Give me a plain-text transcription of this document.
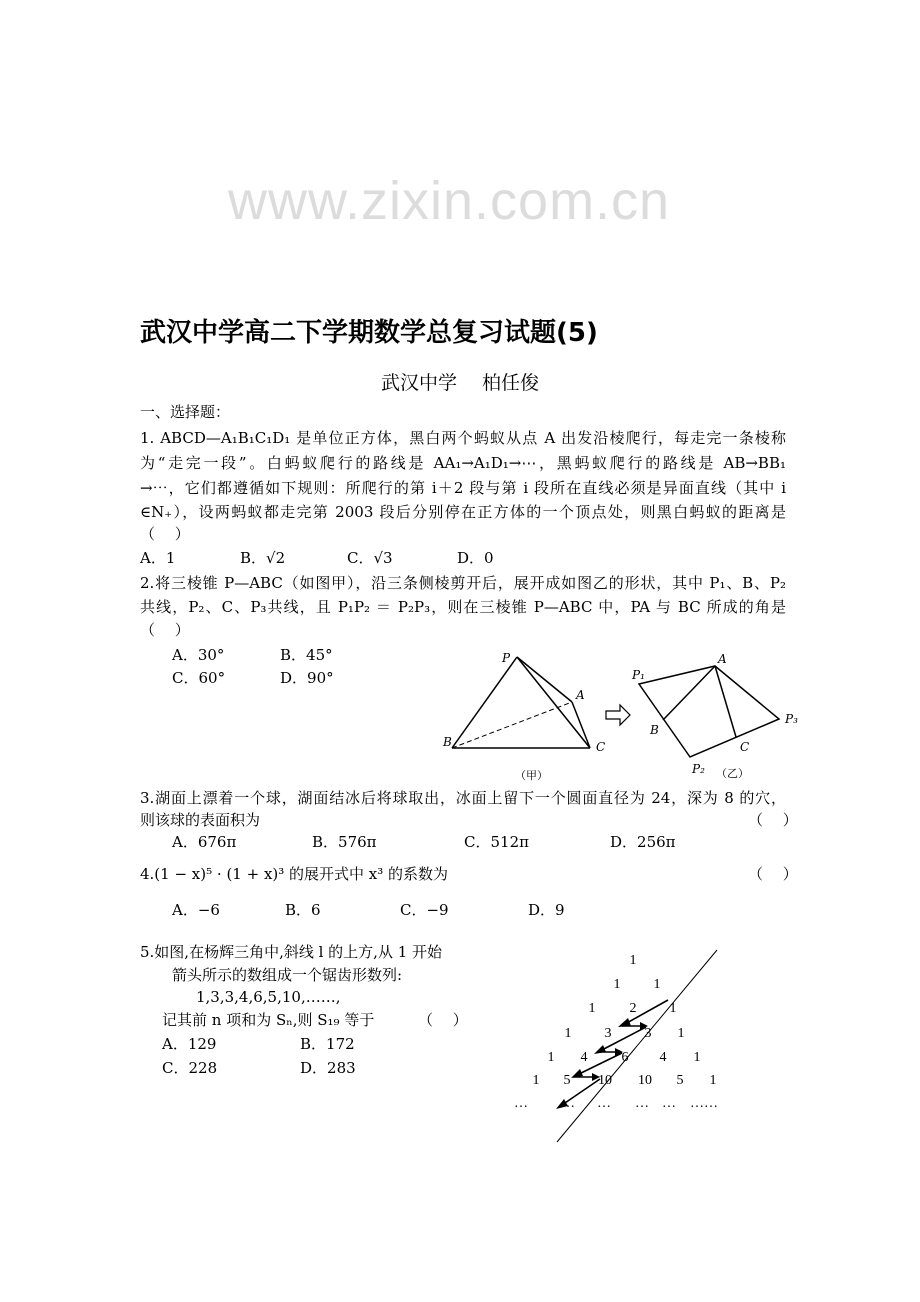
www.zixin.com.cn
武汉中学高二下学期数学总复习试题(5)
武汉中学　 柏任俊
一、选择题：
1. ABCD—A₁B₁C₁D₁ 是单位正方体，黑白两个蚂蚁从点 A 出发沿棱爬行，每走完一条棱称
为“走完一段”。白蚂蚁爬行的路线是 AA₁→A₁D₁→⋯，黑蚂蚁爬行的路线是 AB→BB₁
→⋯，它们都遵循如下规则：所爬行的第 i＋2 段与第 i 段所在直线必须是异面直线（其中 i
∈N₊），设两蚂蚁都走完第 2003 段后分别停在正方体的一个顶点处，则黑白蚂蚁的距离是
（　 ）
A．1	B．√2	C．√3	D．0
2.将三棱锥 P—ABC（如图甲），沿三条侧棱剪开后，展开成如图乙的形状，其中 P₁、B、P₂
共线，P₂、C、P₃共线，且 P₁P₂ ＝ P₂P₃，则在三棱锥 P—ABC 中，PA 与 BC 所成的角是
（　 ）
A．30°	B．45°
C．60°	D．90°
P
A
B	C
（甲）
P₁
A
P₃
B
C
P₂ （乙）
3.湖面上漂着一个球，湖面结冰后将球取出，冰面上留下一个圆面直径为 24，深为 8 的穴，
则该球的表面积为	（　 ）
A．676π	B．576π	C．512π	D．256π
4.(1 − x)⁵ · (1 + x)³ 的展开式中 x³ 的系数为	（　 ）
A．−6	B．6	C．−9	D．9
5.如图,在杨辉三角中,斜线 l 的上方,从 1 开始
箭头所示的数组成一个锯齿形数列:
1,3,3,4,6,5,10,……,
记其前 n 项和为 Sₙ,则 S₁₉ 等于	（　 ）
A．129	B．172
C．228	D．283
1
1 1
1 2 1
1 3 3 1
1 4 6 4 1
1 5 10 10 5 1
… … … … … ……
